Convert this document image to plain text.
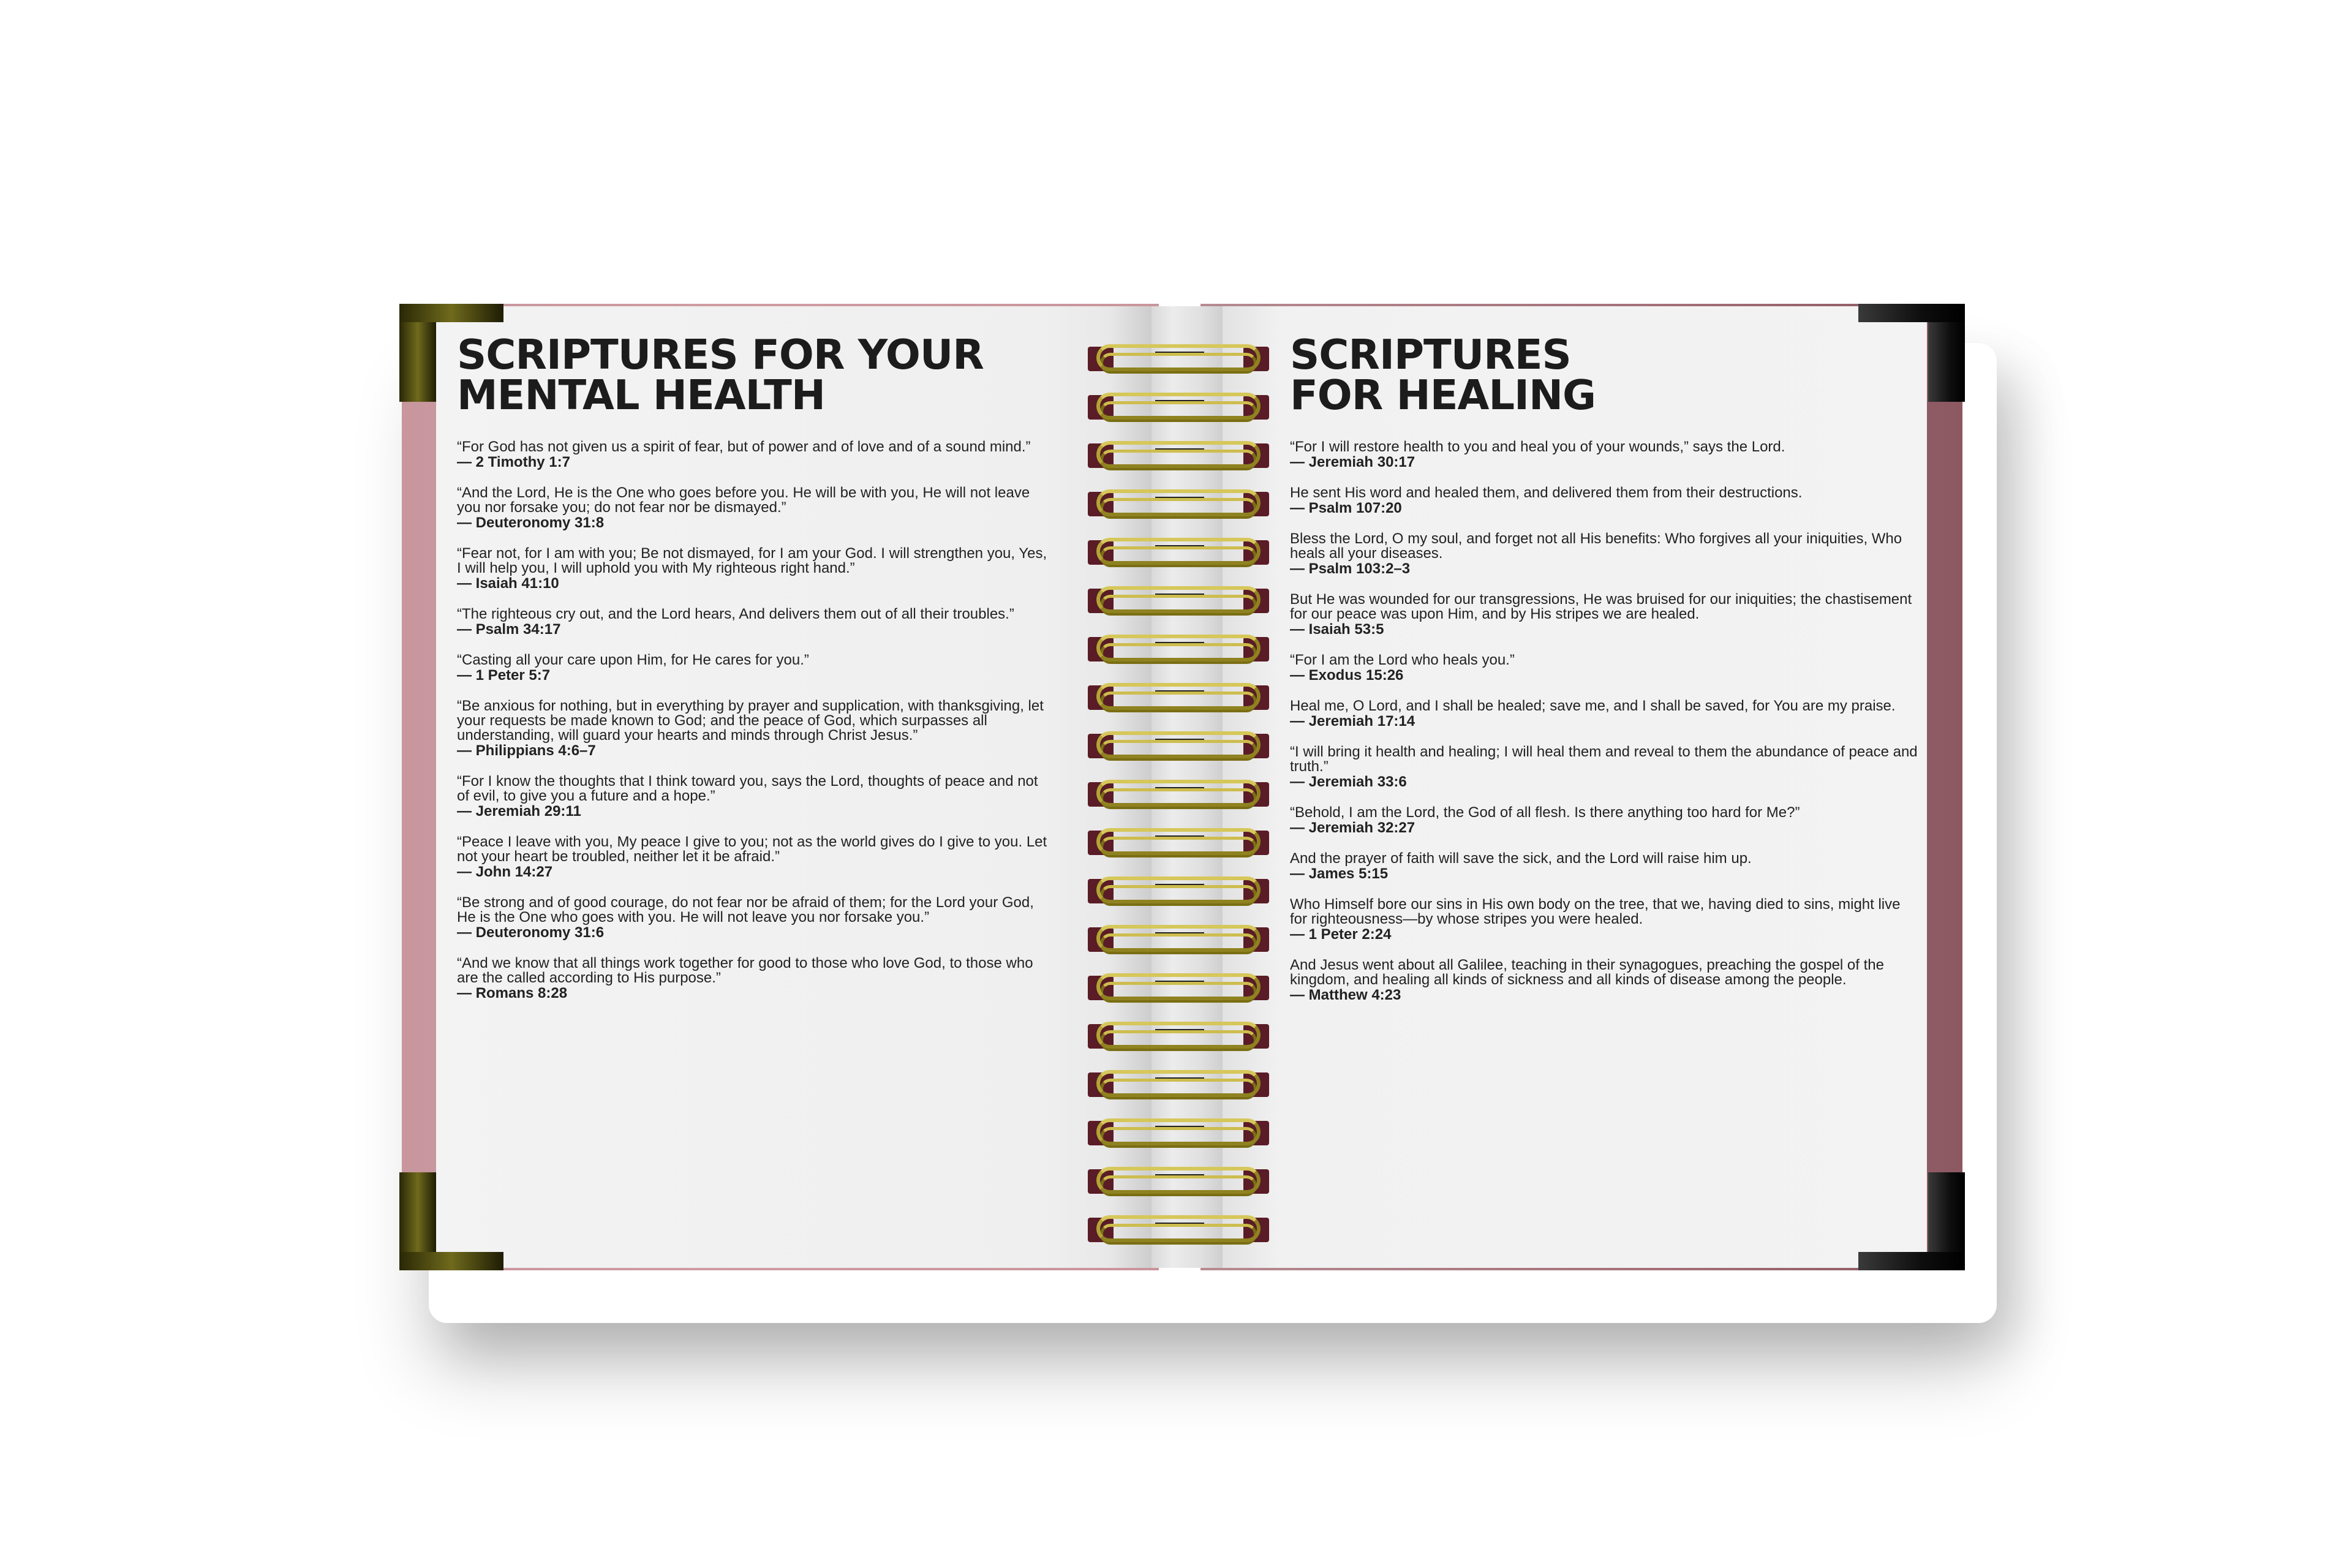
SCRIPTURES FOR YOUR
MENTAL HEALTH
“For God has not given us a spirit of fear, but of power and of love and of a sound mind.”
— 2 Timothy 1:7
“And the Lord, He is the One who goes before you. He will be with you, He will not leave you nor forsake you; do not fear nor be dismayed.”
— Deuteronomy 31:8
“Fear not, for I am with you; Be not dismayed, for I am your God. I will strengthen you, Yes, I will help you, I will uphold you with My righteous right hand.”
— Isaiah 41:10
“The righteous cry out, and the Lord hears, And delivers them out of all their troubles.”
— Psalm 34:17
“Casting all your care upon Him, for He cares for you.”
— 1 Peter 5:7
“Be anxious for nothing, but in everything by prayer and supplication, with thanksgiving, let your requests be made known to God; and the peace of God, which surpasses all understanding, will guard your hearts and minds through Christ Jesus.”
— Philippians 4:6–7
“For I know the thoughts that I think toward you, says the Lord, thoughts of peace and not of evil, to give you a future and a hope.”
— Jeremiah 29:11
“Peace I leave with you, My peace I give to you; not as the world gives do I give to you. Let not your heart be troubled, neither let it be afraid.”
— John 14:27
“Be strong and of good courage, do not fear nor be afraid of them; for the Lord your God, He is the One who goes with you. He will not leave you nor forsake you.”
— Deuteronomy 31:6
“And we know that all things work together for good to those who love God, to those who are the called according to His purpose.”
— Romans 8:28
SCRIPTURES
FOR HEALING
“For I will restore health to you and heal you of your wounds,” says the Lord.
— Jeremiah 30:17
He sent His word and healed them, and delivered them from their destructions.
— Psalm 107:20
Bless the Lord, O my soul, and forget not all His benefits: Who forgives all your iniquities, Who heals all your diseases.
— Psalm 103:2–3
But He was wounded for our transgressions, He was bruised for our iniquities; the chastisement for our peace was upon Him, and by His stripes we are healed.
— Isaiah 53:5
“For I am the Lord who heals you.”
— Exodus 15:26
Heal me, O Lord, and I shall be healed; save me, and I shall be saved, for You are my praise.
— Jeremiah 17:14
“I will bring it health and healing; I will heal them and reveal to them the abundance of peace and truth.”
— Jeremiah 33:6
“Behold, I am the Lord, the God of all flesh. Is there anything too hard for Me?”
— Jeremiah 32:27
And the prayer of faith will save the sick, and the Lord will raise him up.
— James 5:15
Who Himself bore our sins in His own body on the tree, that we, having died to sins, might live for righteousness—by whose stripes you were healed.
— 1 Peter 2:24
And Jesus went about all Galilee, teaching in their synagogues, preaching the gospel of the kingdom, and healing all kinds of sickness and all kinds of disease among the people.
— Matthew 4:23
